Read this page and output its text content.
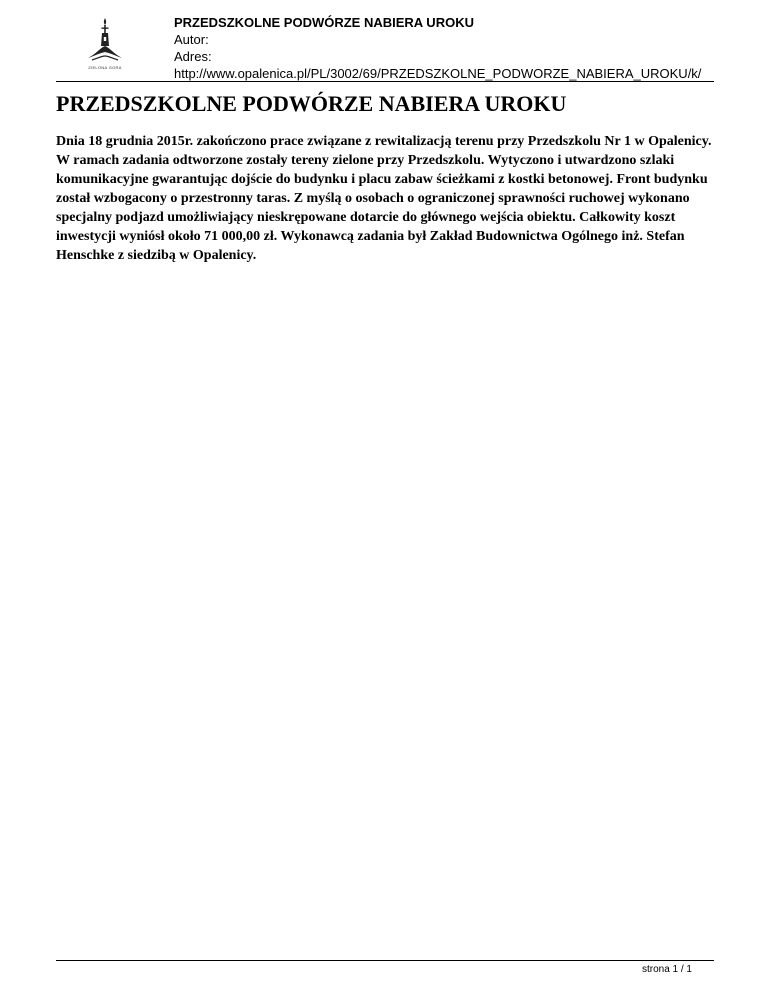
ZIELONA GORA
PRZEDSZKOLNE PODWÓRZE NABIERA UROKU
Autor:
Adres:
http://www.opalenica.pl/PL/3002/69/PRZEDSZKOLNE_PODWORZE_NABIERA_UROKU/k/
PRZEDSZKOLNE PODWÓRZE NABIERA UROKU

Dnia 18 grudnia 2015r. zakończono prace związane z rewitalizacją terenu przy Przedszkolu Nr 1 w Opalenicy. W ramach zadania odtworzone zostały tereny zielone przy Przedszkolu. Wytyczono i utwardzono szlaki komunikacyjne gwarantując dojście do budynku i placu zabaw ścieżkami z kostki betonowej. Front budynku został wzbogacony o przestronny taras. Z myślą o osobach o ograniczonej sprawności ruchowej wykonano specjalny podjazd umożliwiający nieskrępowane dotarcie do głównego wejścia obiektu. Całkowity koszt inwestycji wyniósł około 71 000,00 zł. Wykonawcą zadania był Zakład Budownictwa Ogólnego inż. Stefan Henschke z siedzibą w Opalenicy.

strona 1 / 1
